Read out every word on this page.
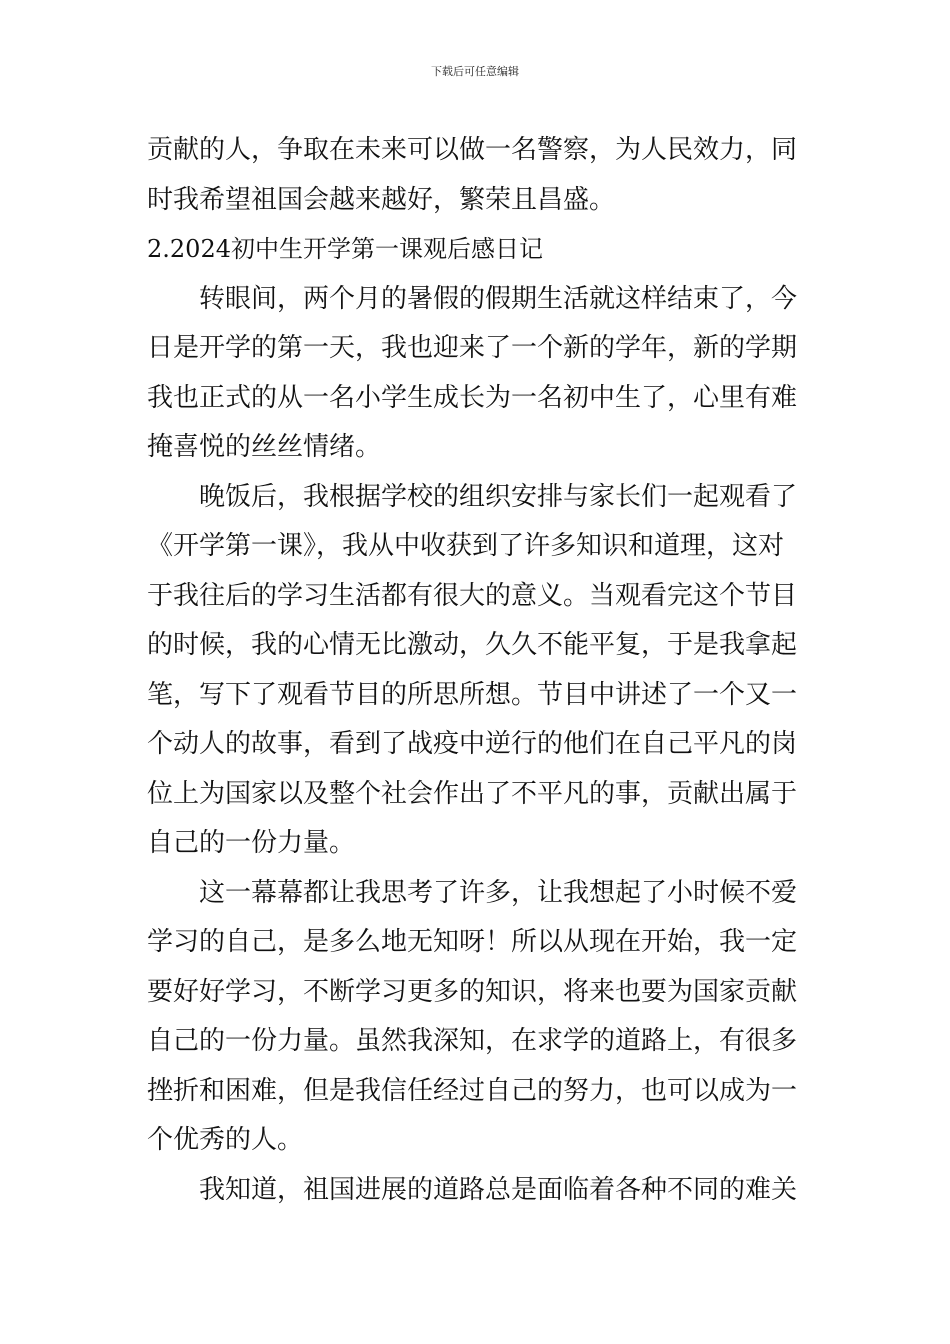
下载后可任意编辑
贡献的人，争取在未来可以做一名警察，为人民效力，同
时我希望祖国会越来越好，繁荣且昌盛。
2.2024初中生开学第一课观后感日记
转眼间，两个月的暑假的假期生活就这样结束了，今
日是开学的第一天，我也迎来了一个新的学年，新的学期
我也正式的从一名小学生成长为一名初中生了，心里有难
掩喜悦的丝丝情绪。
晚饭后，我根据学校的组织安排与家长们一起观看了
《开学第一课》，我从中收获到了许多知识和道理，这对
于我往后的学习生活都有很大的意义。当观看完这个节目
的时候，我的心情无比激动，久久不能平复，于是我拿起
笔，写下了观看节目的所思所想。节目中讲述了一个又一
个动人的故事，看到了战疫中逆行的他们在自己平凡的岗
位上为国家以及整个社会作出了不平凡的事，贡献出属于
自己的一份力量。
这一幕幕都让我思考了许多，让我想起了小时候不爱
学习的自己，是多么地无知呀！所以从现在开始，我一定
要好好学习，不断学习更多的知识，将来也要为国家贡献
自己的一份力量。虽然我深知，在求学的道路上，有很多
挫折和困难，但是我信任经过自己的努力，也可以成为一
个优秀的人。
我知道，祖国进展的道路总是面临着各种不同的难关
